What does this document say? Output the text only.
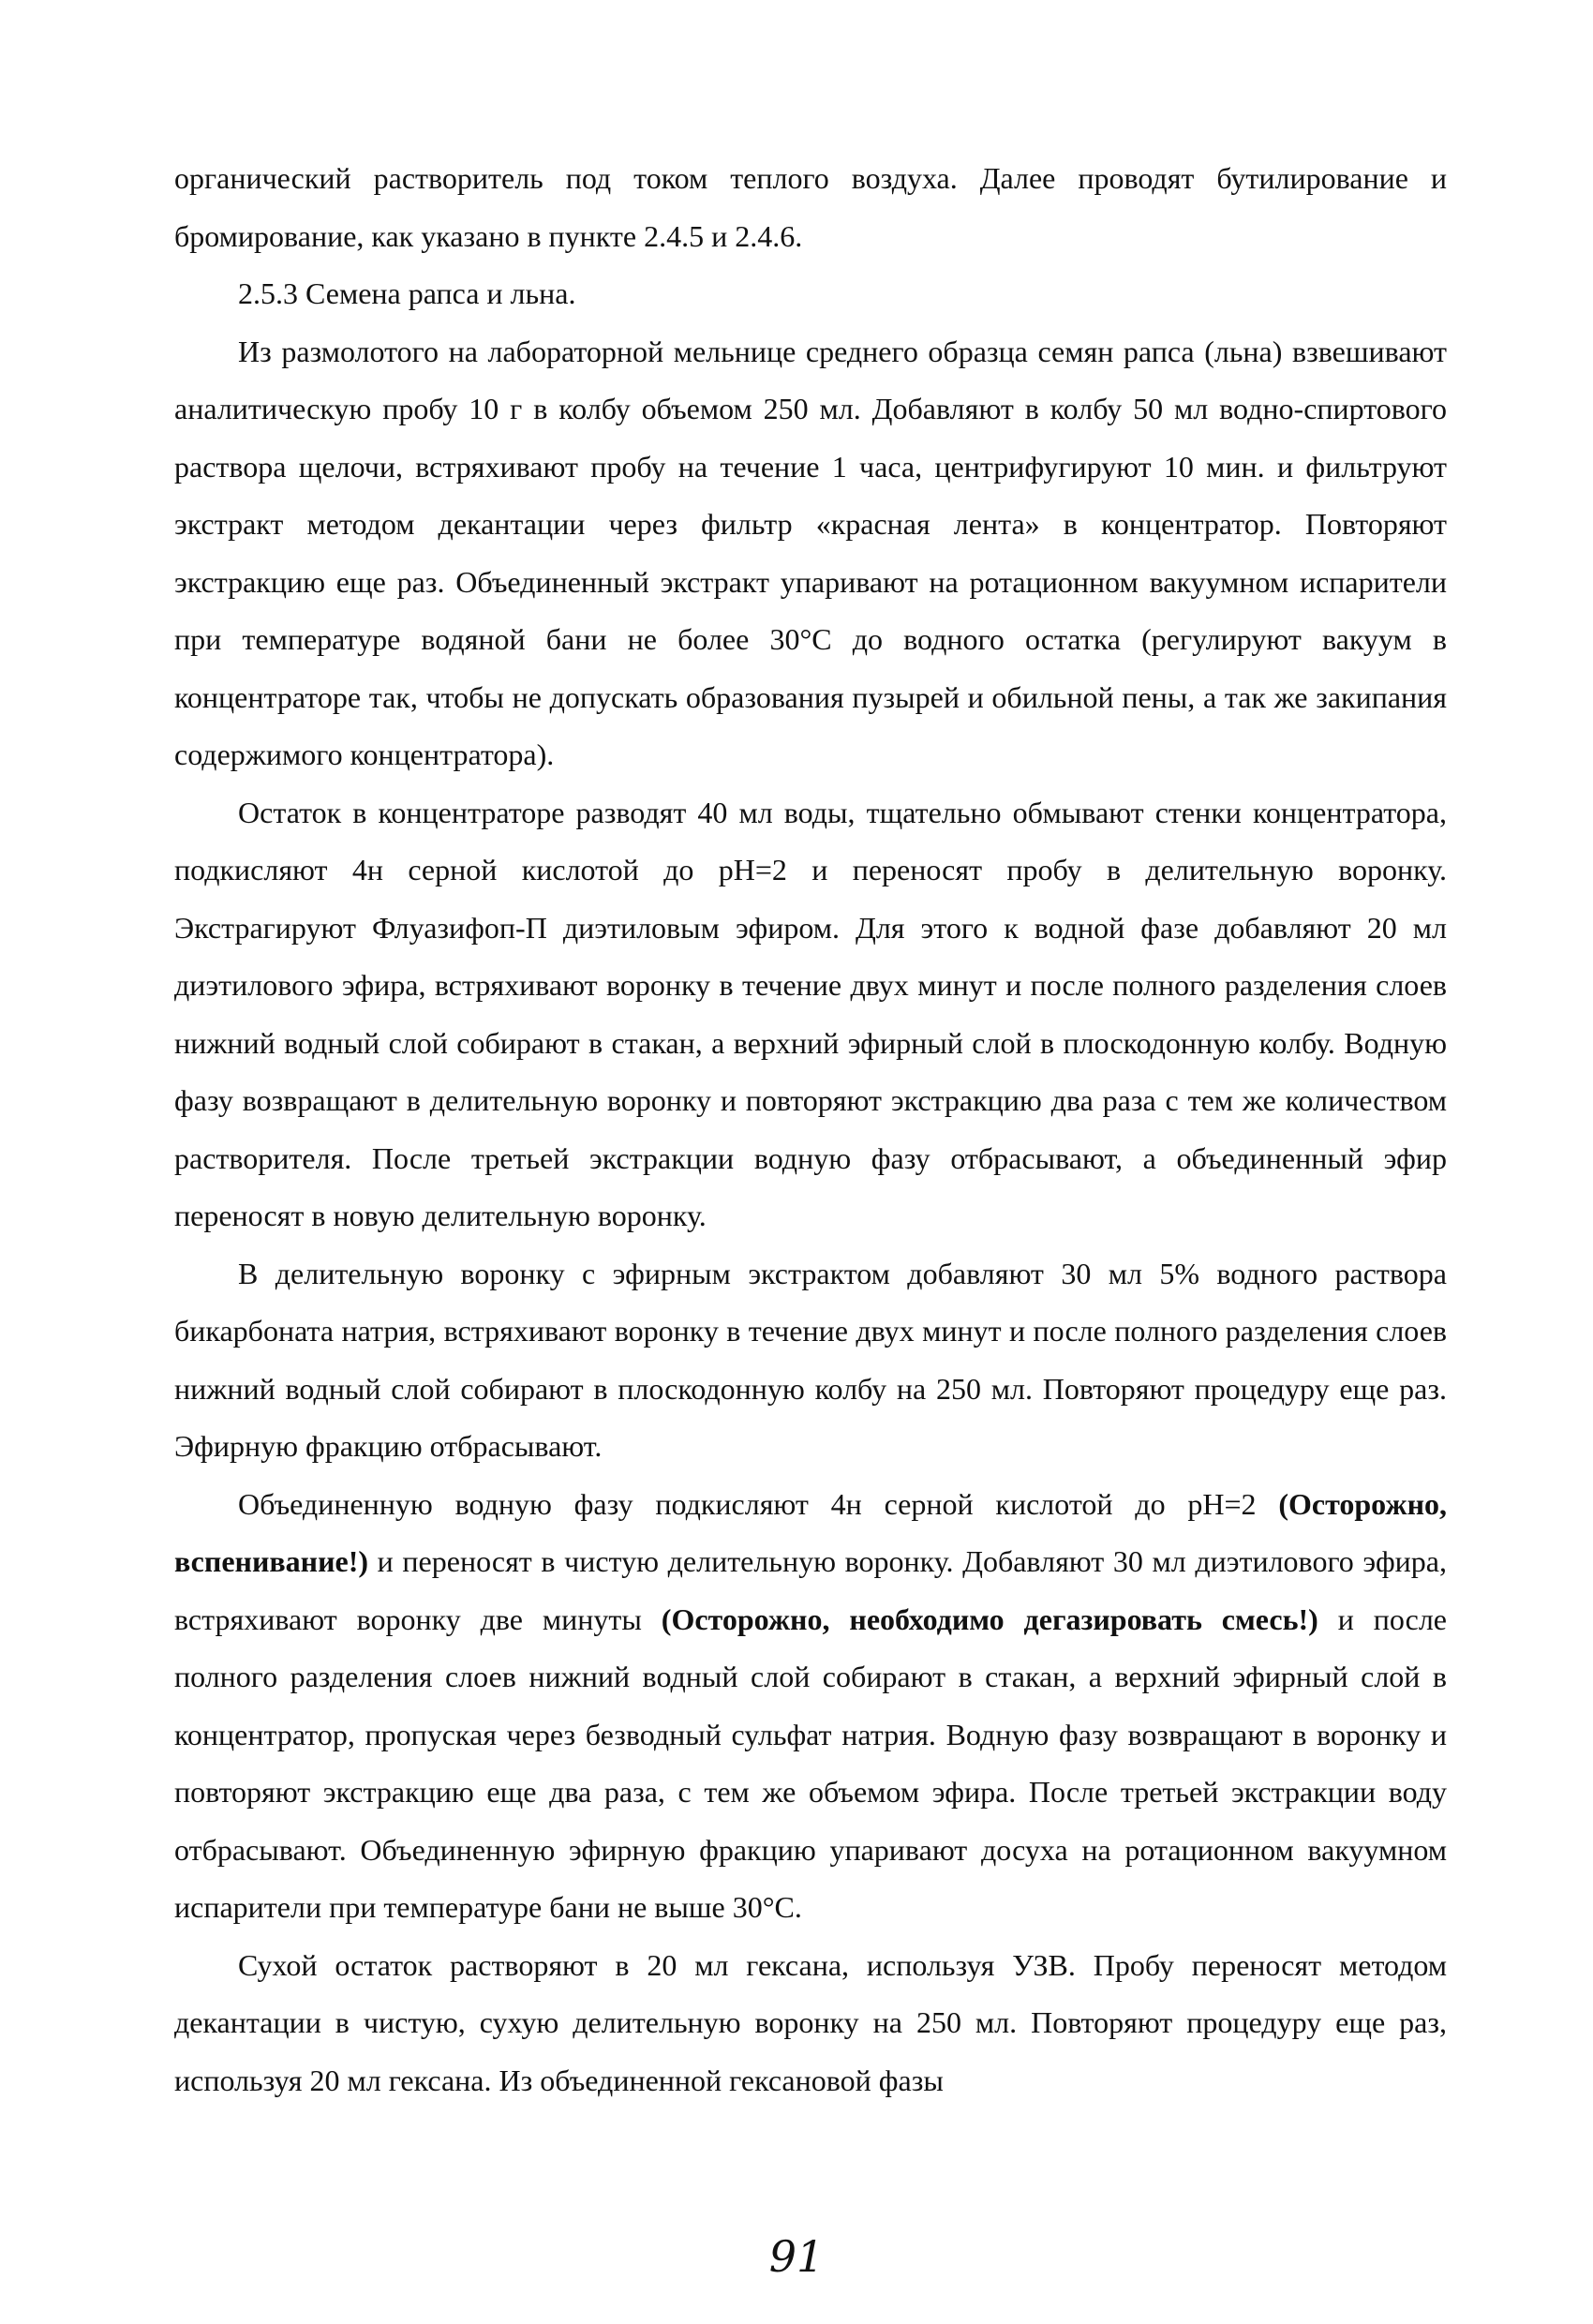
органический растворитель под током теплого воздуха. Далее проводят бутилирование и бромирование, как указано в пункте 2.4.5 и 2.4.6.

2.5.3 Семена рапса и льна.

Из размолотого на лабораторной мельнице среднего образца семян рапса (льна) взвешивают аналитическую пробу 10 г в колбу объемом 250 мл. Добавляют в колбу 50 мл водно-спиртового раствора щелочи, встряхивают пробу на течение 1 часа, центрифугируют 10 мин. и фильтруют экстракт методом декантации через фильтр «красная лента» в концентратор. Повторяют экстракцию еще раз. Объединенный экстракт упаривают на ротационном вакуумном испарители при температуре водяной бани не более 30°С до водного остатка (регулируют вакуум в концентраторе так, чтобы не допускать образования пузырей и обильной пены, а так же закипания содержимого концентратора).

Остаток в концентраторе разводят 40 мл воды, тщательно обмывают стенки концентратора, подкисляют 4н серной кислотой до pH=2 и переносят пробу в делительную воронку. Экстрагируют Флуазифоп-П диэтиловым эфиром. Для этого к водной фазе добавляют 20 мл диэтилового эфира, встряхивают воронку в течение двух минут и после полного разделения слоев нижний водный слой собирают в стакан, а верхний эфирный слой в плоскодонную колбу. Водную фазу возвращают в делительную воронку и повторяют экстракцию два раза с тем же количеством растворителя. После третьей экстракции водную фазу отбрасывают, а объединенный эфир переносят в новую делительную воронку.

В делительную воронку с эфирным экстрактом добавляют 30 мл 5% водного раствора бикарбоната натрия, встряхивают воронку в течение двух минут и после полного разделения слоев нижний водный слой собирают в плоскодонную колбу на 250 мл. Повторяют процедуру еще раз. Эфирную фракцию отбрасывают.

Объединенную водную фазу подкисляют 4н серной кислотой до pH=2 (Осторожно, вспенивание!) и переносят в чистую делительную воронку. Добавляют 30 мл диэтилового эфира, встряхивают воронку две минуты (Осторожно, необходимо дегазировать смесь!) и после полного разделения слоев нижний водный слой собирают в стакан, а верхний эфирный слой в концентратор, пропуская через безводный сульфат натрия. Водную фазу возвращают в воронку и повторяют экстракцию еще два раза, с тем же объемом эфира. После третьей экстракции воду отбрасывают. Объединенную эфирную фракцию упаривают досуха на ротационном вакуумном испарители при температуре бани не выше 30°С.

Сухой остаток растворяют в 20 мл гексана, используя УЗВ. Пробу переносят методом декантации в чистую, сухую делительную воронку на 250 мл. Повторяют процедуру еще раз, используя 20 мл гексана. Из объединенной гексановой фазы

91
